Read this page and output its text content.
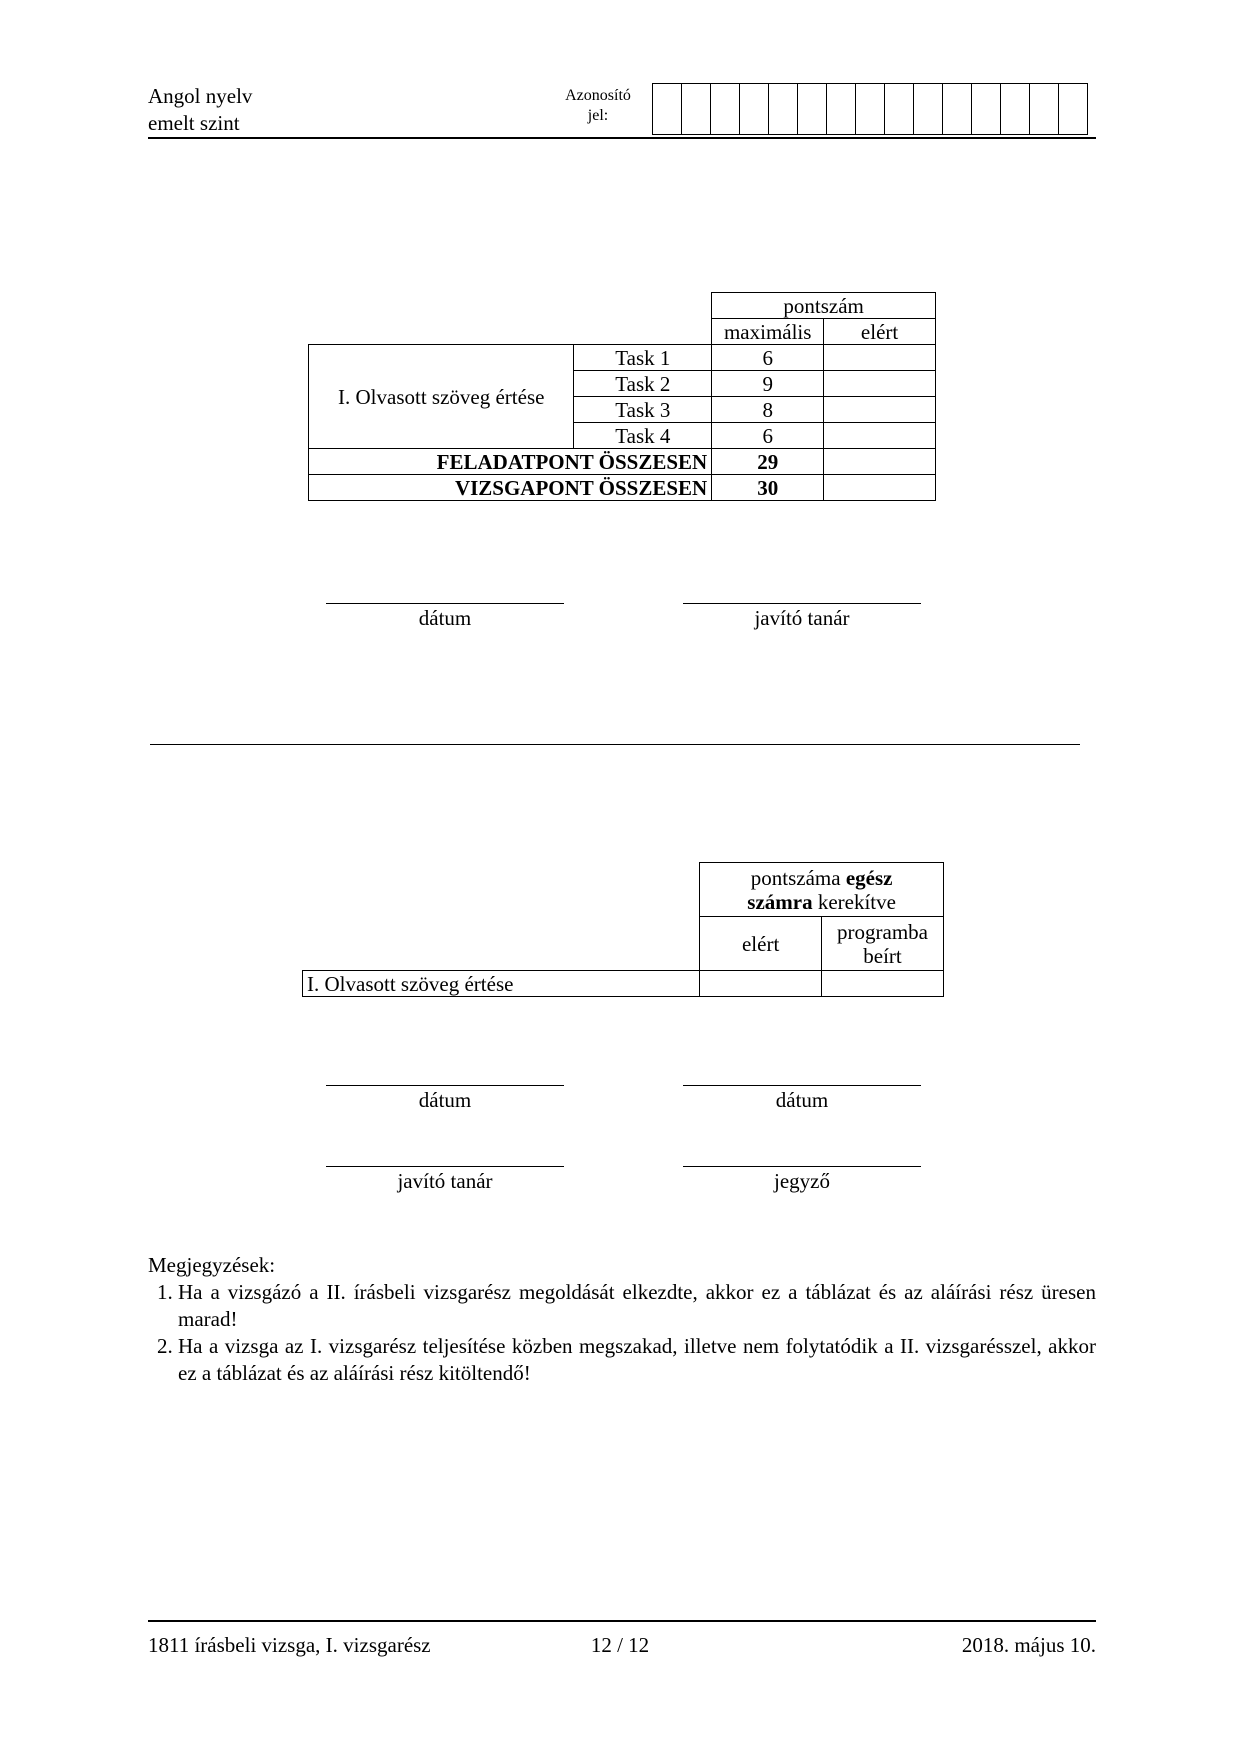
Angol nyelv
emelt szint
Azonosító
jel:
		pontszám	
		maximális	elért
I. Olvasott szöveg értése	Task 1	6	
	Task 2	9	
	Task 3	8	
	Task 4	6	
FELADATPONT ÖSSZESEN		29	
VIZSGAPONT ÖSSZESEN		30	
dátum	javító tanár

	pontszáma egész
számra kerekítve	

	elért	programba
beírt

I. Olvasott szöveg értése		
dátum	dátum
javító tanár	jegyző
Megjegyzések:
1. Ha a vizsgázó a II. írásbeli vizsgarész megoldását elkezdte, akkor ez a táblázat és az aláírási rész üresen marad!
2. Ha a vizsga az I. vizsgarész teljesítése közben megszakad, illetve nem folytatódik a II. vizsgarésszel, akkor ez a táblázat és az aláírási rész kitöltendő!
1811 írásbeli vizsga, I. vizsgarész	12 / 12	2018. május 10.
